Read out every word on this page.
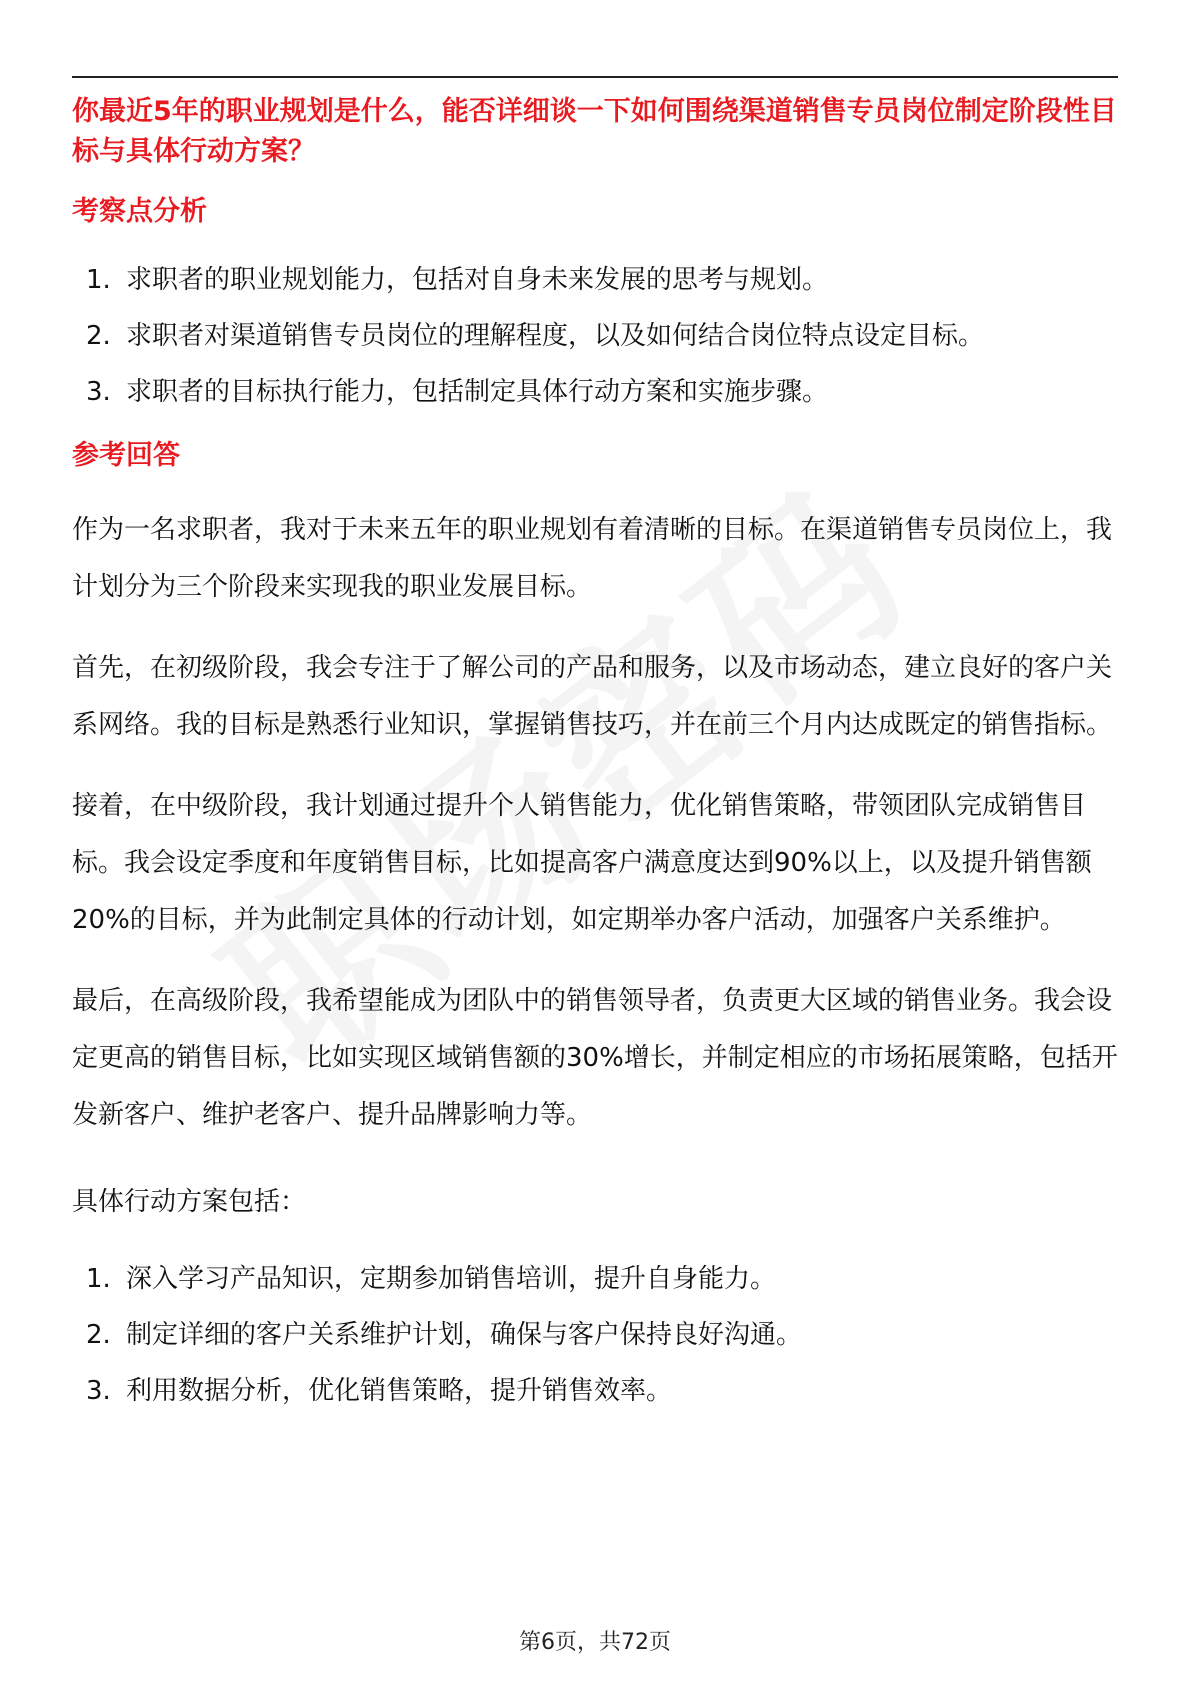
你最近5年的职业规划是什么，能否详细谈一下如何围绕渠道销售专员岗位制定阶段性目标与具体行动方案？

考察点分析

1. 求职者的职业规划能力，包括对自身未来发展的思考与规划。
2. 求职者对渠道销售专员岗位的理解程度，以及如何结合岗位特点设定目标。
3. 求职者的目标执行能力，包括制定具体行动方案和实施步骤。

参考回答

作为一名求职者，我对于未来五年的职业规划有着清晰的目标。在渠道销售专员岗位上，我计划分为三个阶段来实现我的职业发展目标。

首先，在初级阶段，我会专注于了解公司的产品和服务，以及市场动态，建立良好的客户关系网络。我的目标是熟悉行业知识，掌握销售技巧，并在前三个月内达成既定的销售指标。

接着，在中级阶段，我计划通过提升个人销售能力，优化销售策略，带领团队完成销售目标。我会设定季度和年度销售目标，比如提高客户满意度达到90%以上，以及提升销售额20%的目标，并为此制定具体的行动计划，如定期举办客户活动，加强客户关系维护。

最后，在高级阶段，我希望能成为团队中的销售领导者，负责更大区域的销售业务。我会设定更高的销售目标，比如实现区域销售额的30%增长，并制定相应的市场拓展策略，包括开发新客户、维护老客户、提升品牌影响力等。

具体行动方案包括：

1. 深入学习产品知识，定期参加销售培训，提升自身能力。
2. 制定详细的客户关系维护计划，确保与客户保持良好沟通。
3. 利用数据分析，优化销售策略，提升销售效率。
第6页，共72页
